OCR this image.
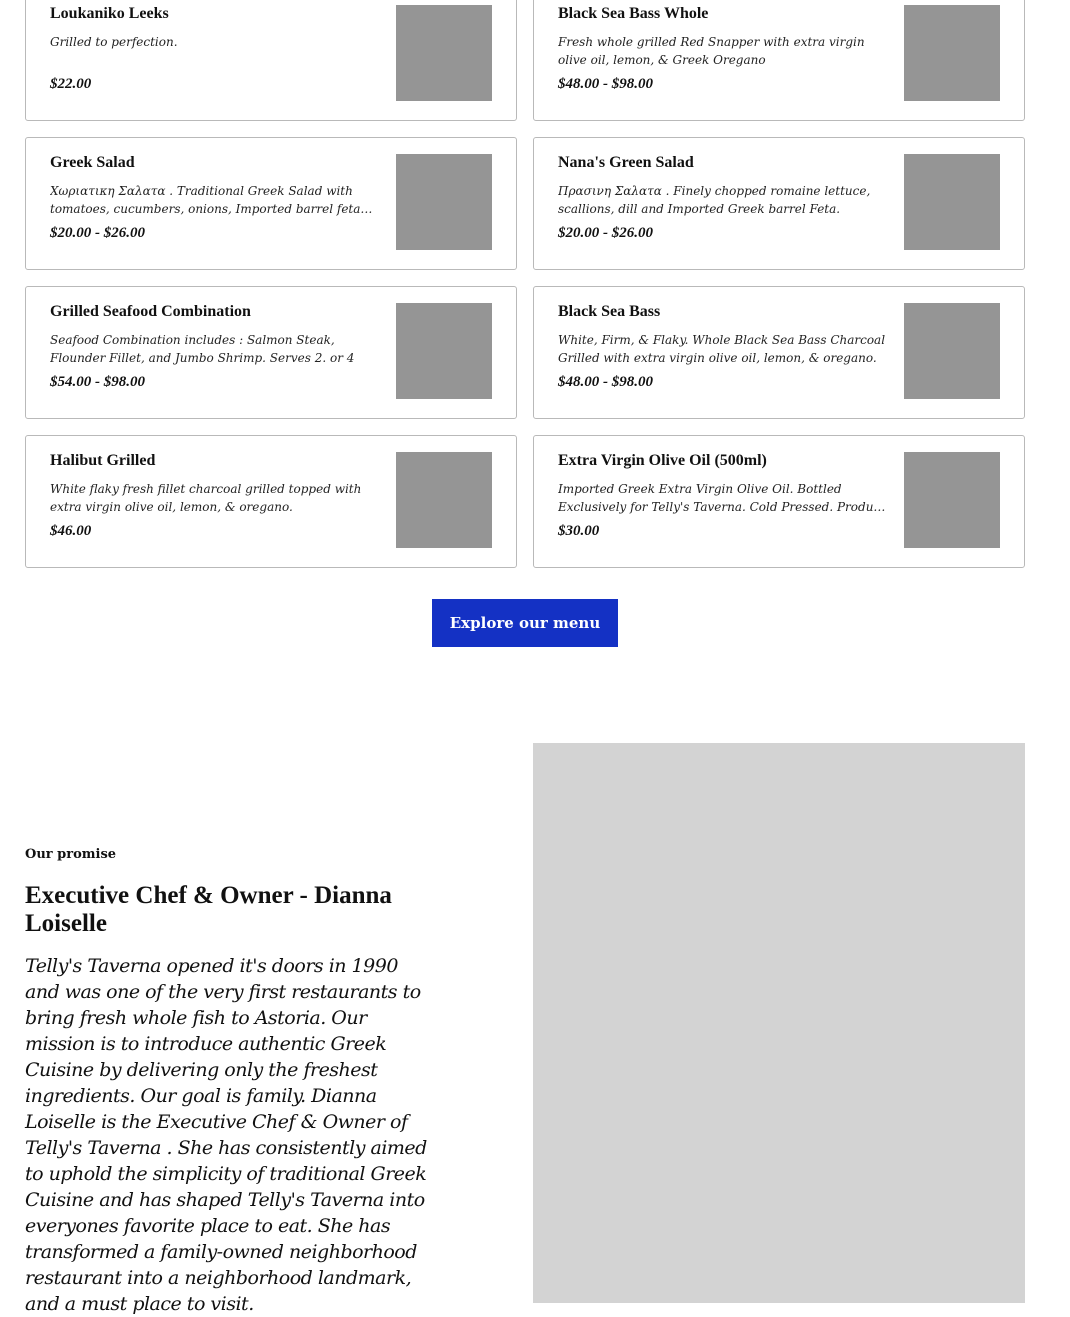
Loukaniko Leeks
Grilled to perfection.
$22.00
Black Sea Bass Whole
Fresh whole grilled Red Snapper with extra virgin olive oil, lemon, & Greek Oregano
$48.00 - $98.00
Greek Salad
Χωριατικη Σαλατα . Traditional Greek Salad with tomatoes, cucumbers, onions, Imported barrel feta
$20.00 - $26.00
Nana's Green Salad
Πρασινη Σαλατα . Finely chopped romaine lettuce, scallions, dill and Imported Greek barrel Feta.
$20.00 - $26.00
Grilled Seafood Combination
Seafood Combination includes : Salmon Steak, Flounder Fillet, and Jumbo Shrimp. Serves 2. or 4
$54.00 - $98.00
Black Sea Bass
White, Firm, & Flaky. Whole Black Sea Bass Charcoal Grilled with extra virgin olive oil, lemon, & oregano.
$48.00 - $98.00
Halibut Grilled
White flaky fresh fillet charcoal grilled topped with extra virgin olive oil, lemon, & oregano.
$46.00
Extra Virgin Olive Oil (500ml)
Imported Greek Extra Virgin Olive Oil. Bottled Exclusively for Telly's Taverna. Cold Pressed. Product
$30.00
Explore our menu
Our promise
Executive Chef & Owner - Dianna Loiselle

Telly's Taverna opened it's doors in 1990 and was one of the very first restaurants to bring fresh whole fish to Astoria. Our mission is to introduce authentic Greek Cuisine by delivering only the freshest ingredients. Our goal is family. Dianna Loiselle is the Executive Chef & Owner of Telly's Taverna . She has consistently aimed to uphold the simplicity of traditional Greek Cuisine and has shaped Telly's Taverna into everyones favorite place to eat. She has transformed a family-owned neighborhood restaurant into a neighborhood landmark, and a must place to visit.
